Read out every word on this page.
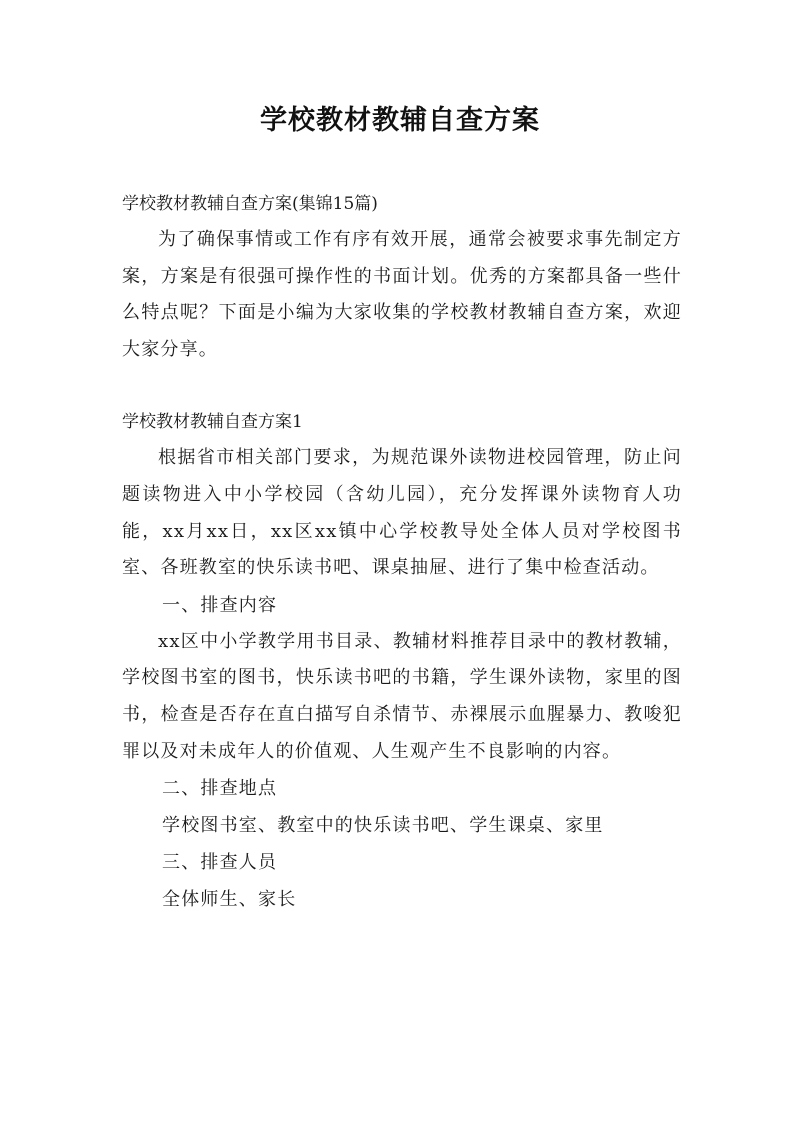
学校教材教辅自查方案

学校教材教辅自查方案(集锦15篇)

为了确保事情或工作有序有效开展，通常会被要求事先制定方案，方案是有很强可操作性的书面计划。优秀的方案都具备一些什么特点呢？下面是小编为大家收集的学校教材教辅自查方案，欢迎大家分享。

学校教材教辅自查方案1

根据省市相关部门要求，为规范课外读物进校园管理，防止问题读物进入中小学校园（含幼儿园），充分发挥课外读物育人功能，xx月xx日，xx区xx镇中心学校教导处全体人员对学校图书室、各班教室的快乐读书吧、课桌抽屉、进行了集中检查活动。

一、排查内容

xx区中小学教学用书目录、教辅材料推荐目录中的教材教辅，学校图书室的图书，快乐读书吧的书籍，学生课外读物，家里的图书，检查是否存在直白描写自杀情节、赤裸展示血腥暴力、教唆犯罪以及对未成年人的价值观、人生观产生不良影响的内容。

二、排查地点

学校图书室、教室中的快乐读书吧、学生课桌、家里

三、排查人员

全体师生、家长
